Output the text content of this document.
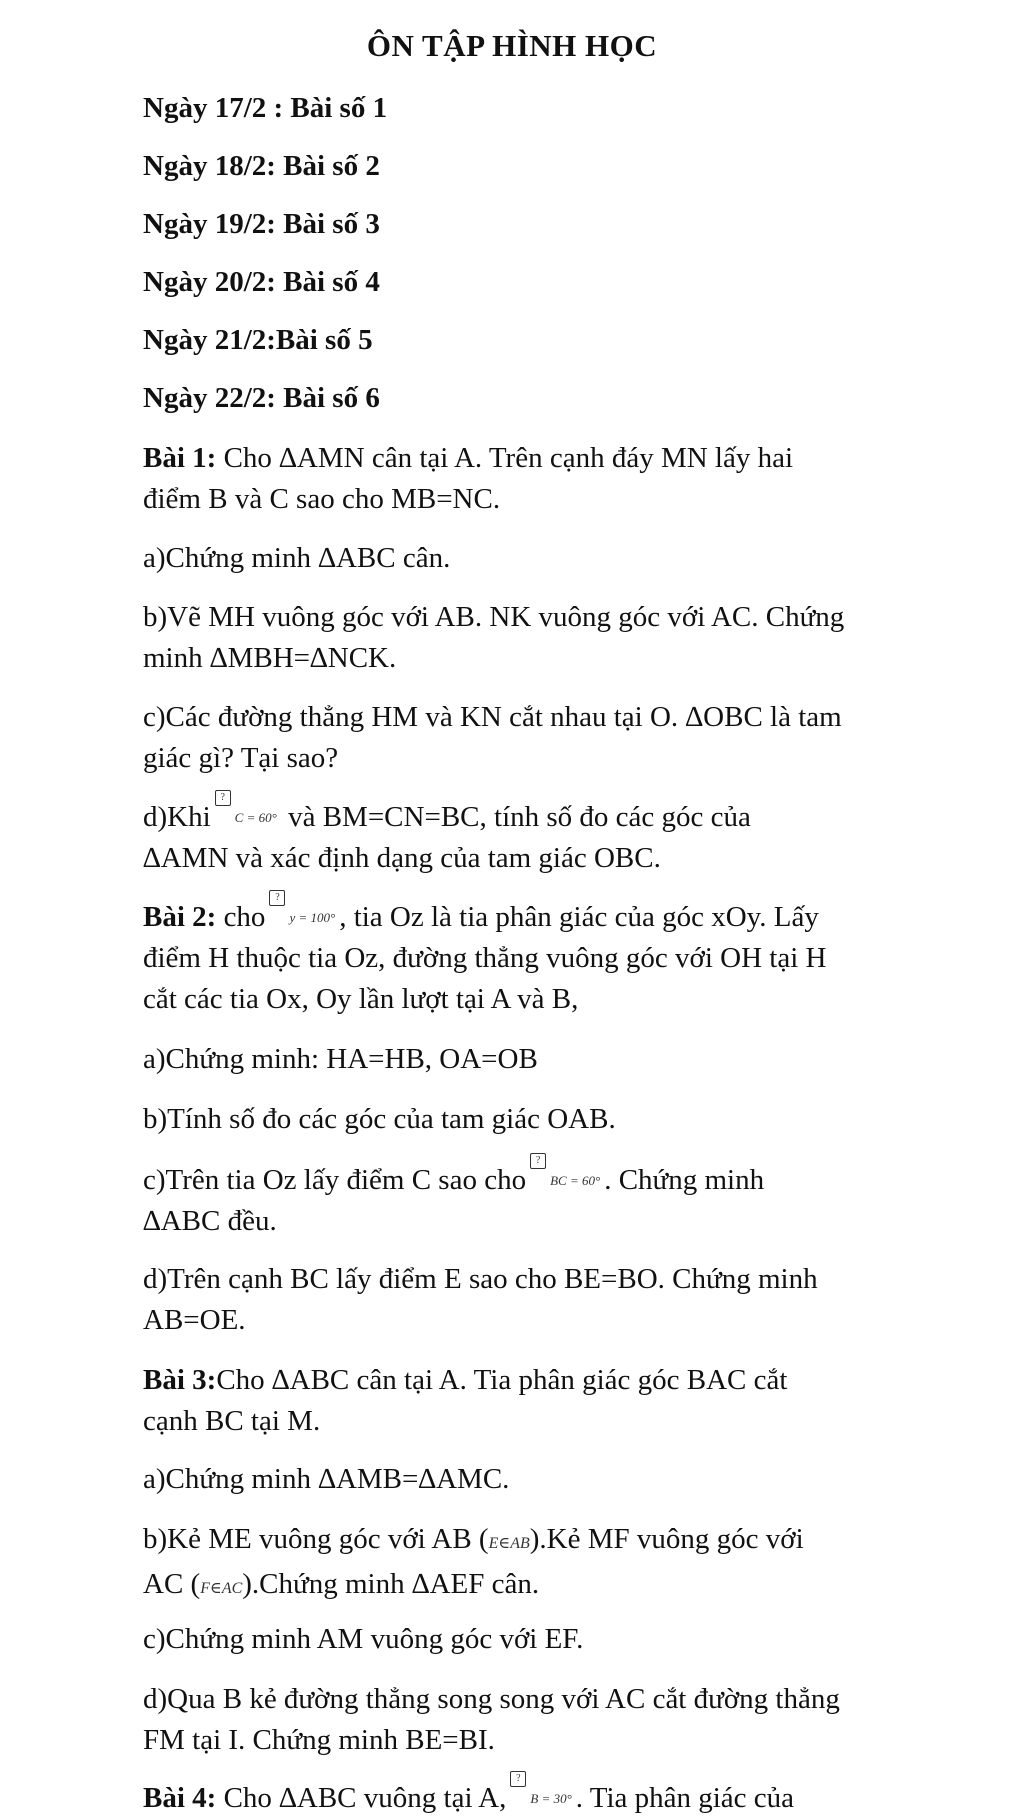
ÔN TẬP HÌNH HỌC
Ngày 17/2 : Bài số 1
Ngày 18/2: Bài số 2
Ngày 19/2: Bài số 3
Ngày 20/2: Bài số 4
Ngày 21/2:Bài số 5
Ngày 22/2: Bài số 6
Bài 1: Cho ∆AMN cân tại A. Trên cạnh đáy MN lấy hai
điểm B và C sao cho MB=NC.
a)Chứng minh ∆ABC cân.
b)Vẽ MH vuông góc với AB. NK vuông góc với AC. Chứng
minh ∆MBH=∆NCK.
c)Các đường thẳng HM và KN cắt nhau tại O. ∆OBC là tam
giác gì? Tại sao?
d)Khi
?
C = 60° và BM=CN=BC, tính số đo các góc của
∆AMN và xác định dạng của tam giác OBC.
Bài 2: cho
?
y = 100° , tia Oz là tia phân giác của góc xOy. Lấy
điểm H thuộc tia Oz, đường thẳng vuông góc với OH tại H
cắt các tia Ox, Oy lần lượt tại A và B,
a)Chứng minh: HA=HB, OA=OB
b)Tính số đo các góc của tam giác OAB.
c)Trên tia Oz lấy điểm C sao cho
?
BC = 60° . Chứng minh
∆ABC đều.
d)Trên cạnh BC lấy điểm E sao cho BE=BO. Chứng minh
AB=OE.
Bài 3:Cho ∆ABC cân tại A. Tia phân giác góc BAC cắt
cạnh BC tại M.
a)Chứng minh ∆AMB=∆AMC.
b)Kẻ ME vuông góc với AB (E∈AB).Kẻ MF vuông góc với
AC (F∈AC).Chứng minh ∆AEF cân.
c)Chứng minh AM vuông góc với EF.
d)Qua B kẻ đường thẳng song song với AC cắt đường thẳng
FM tại I. Chứng minh BE=BI.
Bài 4: Cho ∆ABC vuông tại A,
?
B = 30° . Tia phân giác của
